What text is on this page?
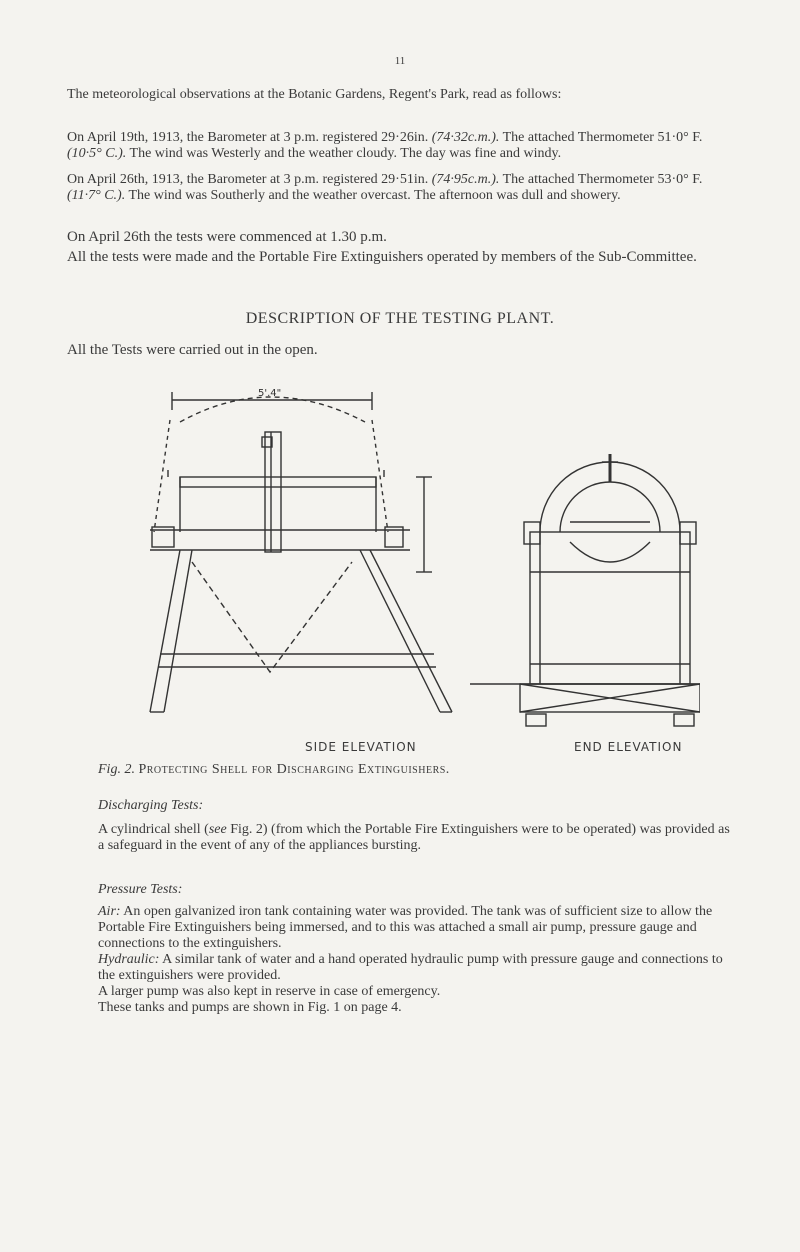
11

The meteorological observations at the Botanic Gardens, Regent's Park, read as follows:

On April 19th, 1913, the Barometer at 3 p.m. registered 29·26in. (74·32c.m.). The attached Thermometer 51·0° F. (10·5° C.). The wind was Westerly and the weather cloudy. The day was fine and windy.

On April 26th, 1913, the Barometer at 3 p.m. registered 29·51in. (74·95c.m.). The attached Thermometer 53·0° F. (11·7° C.). The wind was Southerly and the weather overcast. The afternoon was dull and showery.

On April 26th the tests were commenced at 1.30 p.m.

All the tests were made and the Portable Fire Extinguishers operated by members of the Sub-Committee.

DESCRIPTION OF THE TESTING PLANT.

All the Tests were carried out in the open.

5'.4"
SIDE ELEVATION	END ELEVATION
Fig. 2. Protecting Shell for Discharging Extinguishers.
Discharging Tests:

A cylindrical shell (see Fig. 2) (from which the Portable Fire Extinguishers were to be operated) was provided as a safeguard in the event of any of the appliances bursting.

Pressure Tests:

Air: An open galvanized iron tank containing water was provided. The tank was of sufficient size to allow the Portable Fire Extinguishers being immersed, and to this was attached a small air pump, pressure gauge and connections to the extinguishers.

Hydraulic: A similar tank of water and a hand operated hydraulic pump with pressure gauge and connections to the extinguishers were provided.

A larger pump was also kept in reserve in case of emergency.

These tanks and pumps are shown in Fig. 1 on page 4.
